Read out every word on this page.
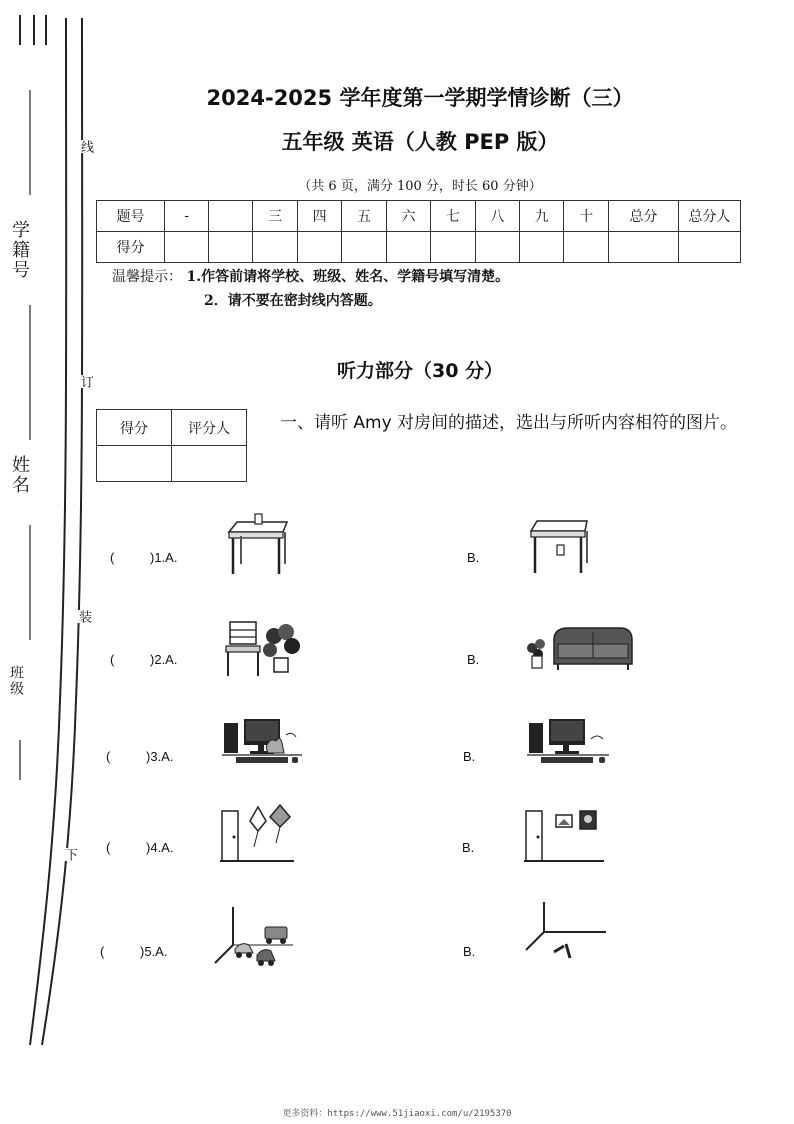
学籍号
姓名
班级
线
订
装
下
2024-2025 学年度第一学期学情诊断（三）
五年级 英语（人教 PEP 版）
（共 6 页，满分 100 分，时长 60 分钟）
题号	-		三	四	五	六	七	八	九	十	总分	总分人
得分												
温馨提示： 1.作答前请将学校、班级、姓名、学籍号填写清楚。
2．请不要在密封线内答题。
听力部分（30 分）
得分	评分人
		一、请听 Amy 对房间的描述，选出与所听内容相符的图片。
(	)1.A.	B.
(	)2.A.	B.
(	)3.A.	B.
(	)4.A.	B.
(	)5.A.	B.
更多资料：https://www.51jiaoxi.com/u/2195370
